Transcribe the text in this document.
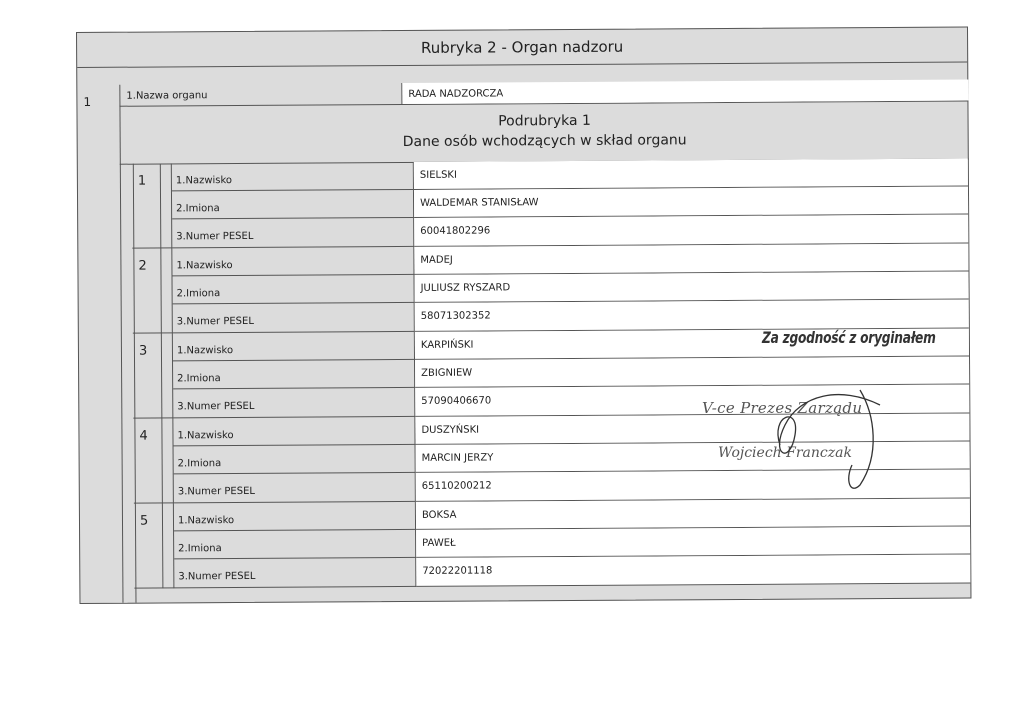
Rubryka 2 - Organ nadzoru
1	1.Nazwa organu	RADA NADZORCZA
Podrubryka 1
Dane osób wchodzących w skład organu
1	1.Nazwisko	SIELSKI
2.Imiona	WALDEMAR STANISŁAW
3.Numer PESEL	60041802296
2	1.Nazwisko	MADEJ
2.Imiona	JULIUSZ RYSZARD
3.Numer PESEL	58071302352
3	1.Nazwisko	KARPIŃSKI
2.Imiona	ZBIGNIEW
3.Numer PESEL	57090406670
4	1.Nazwisko	DUSZYŃSKI
2.Imiona	MARCIN JERZY
3.Numer PESEL	65110200212
5	1.Nazwisko	BOKSA
2.Imiona	PAWEŁ
3.Numer PESEL	72022201118
Za zgodność z oryginałem
V-ce Prezes Zarządu
Wojciech Franczak
